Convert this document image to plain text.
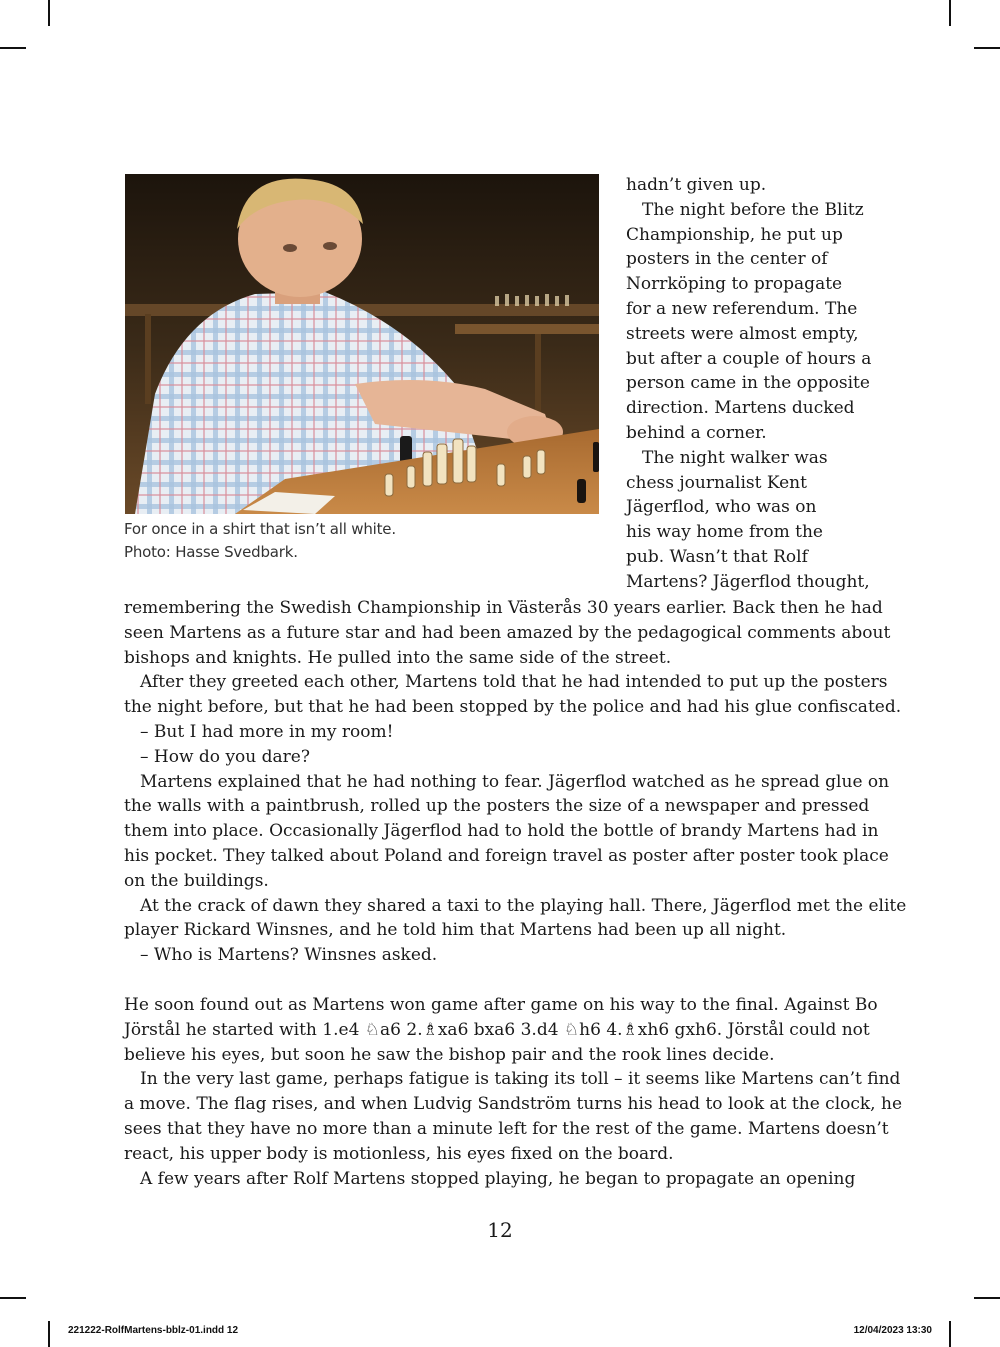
For once in a shirt that isn’t all white.
Photo: Hasse Svedbark.

hadn’t given up.

The night before the Blitz

Championship, he put up

posters in the center of

Norrköping to propagate

for a new referendum. The

streets were almost empty,

but after a couple of hours a

person came in the opposite

direction. Martens ducked

behind a corner.

The night walker was

chess journalist Kent

Jägerflod, who was on

his way home from the

pub. Wasn’t that Rolf

Martens? Jägerflod thought,

remembering the Swedish Championship in Västerås 30 years earlier. Back then he had

seen Martens as a future star and had been amazed by the pedagogical comments about

bishops and knights. He pulled into the same side of the street.

After they greeted each other, Martens told that he had intended to put up the posters

the night before, but that he had been stopped by the police and had his glue confiscated.

– But I had more in my room!

– How do you dare?

Martens explained that he had nothing to fear. Jägerflod watched as he spread glue on

the walls with a paintbrush, rolled up the posters the size of a newspaper and pressed

them into place. Occasionally Jägerflod had to hold the bottle of brandy Martens had in

his pocket. They talked about Poland and foreign travel as poster after poster took place

on the buildings.

At the crack of dawn they shared a taxi to the playing hall. There, Jägerflod met the elite

player Rickard Winsnes, and he told him that Martens had been up all night.

– Who is Martens? Winsnes asked.

He soon found out as Martens won game after game on his way to the final. Against Bo

Jörstål he started with 1.e4 ♘a6 2.♗xa6 bxa6 3.d4 ♘h6 4.♗xh6 gxh6. Jörstål could not

believe his eyes, but soon he saw the bishop pair and the rook lines decide.

In the very last game, perhaps fatigue is taking its toll – it seems like Martens can’t find

a move. The flag rises, and when Ludvig Sandström turns his head to look at the clock, he

sees that they have no more than a minute left for the rest of the game. Martens doesn’t

react, his upper body is motionless, his eyes fixed on the board.

A few years after Rolf Martens stopped playing, he began to propagate an opening

12
221222-RolfMartens-bblz-01.indd 12	12/04/2023 13:30
